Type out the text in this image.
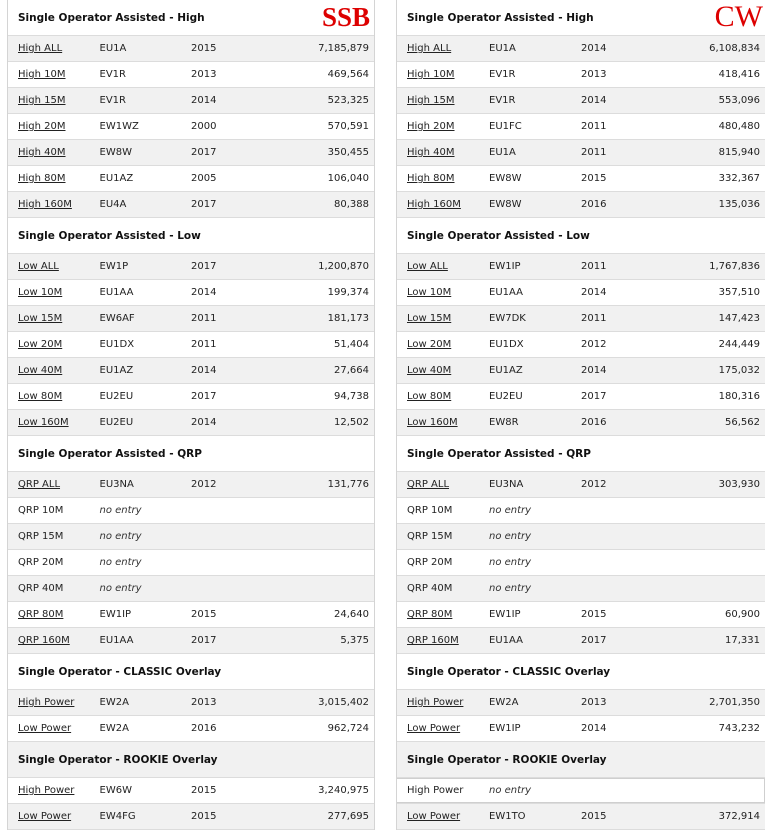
Single Operator Assisted - High SSB			

High ALL	EU1A	2015	7,185,879
High 10M	EV1R	2013	469,564
High 15M	EV1R	2014	523,325
High 20M	EW1WZ	2000	570,591
High 40M	EW8W	2017	350,455
High 80M	EU1AZ	2005	106,040
High 160M	EU4A	2017	80,388
Single Operator Assisted - Low			
Low ALL	EW1P	2017	1,200,870
Low 10M	EU1AA	2014	199,374
Low 15M	EW6AF	2011	181,173
Low 20M	EU1DX	2011	51,404
Low 40M	EU1AZ	2014	27,664
Low 80M	EU2EU	2017	94,738
Low 160M	EU2EU	2014	12,502
Single Operator Assisted - QRP			
QRP ALL	EU3NA	2012	131,776
QRP 10M	no entry		
QRP 15M	no entry		
QRP 20M	no entry		
QRP 40M	no entry		
QRP 80M	EW1IP	2015	24,640
QRP 160M	EU1AA	2017	5,375
Single Operator - CLASSIC Overlay			
High Power	EW2A	2013	3,015,402
Low Power	EW2A	2016	962,724
Single Operator - ROOKIE Overlay			
High Power	EW6W	2015	3,240,975
Low Power	EW4FG	2015	277,695
Single Operator Assisted - High CW			

High ALL	EU1A	2014	6,108,834
High 10M	EV1R	2013	418,416
High 15M	EV1R	2014	553,096
High 20M	EU1FC	2011	480,480
High 40M	EU1A	2011	815,940
High 80M	EW8W	2015	332,367
High 160M	EW8W	2016	135,036
Single Operator Assisted - Low			
Low ALL	EW1IP	2011	1,767,836
Low 10M	EU1AA	2014	357,510
Low 15M	EW7DK	2011	147,423
Low 20M	EU1DX	2012	244,449
Low 40M	EU1AZ	2014	175,032
Low 80M	EU2EU	2017	180,316
Low 160M	EW8R	2016	56,562
Single Operator Assisted - QRP			
QRP ALL	EU3NA	2012	303,930
QRP 10M	no entry		
QRP 15M	no entry		
QRP 20M	no entry		
QRP 40M	no entry		
QRP 80M	EW1IP	2015	60,900
QRP 160M	EU1AA	2017	17,331
Single Operator - CLASSIC Overlay			
High Power	EW2A	2013	2,701,350
Low Power	EW1IP	2014	743,232
Single Operator - ROOKIE Overlay			
High Power	no entry		
Low Power	EW1TO	2015	372,914
